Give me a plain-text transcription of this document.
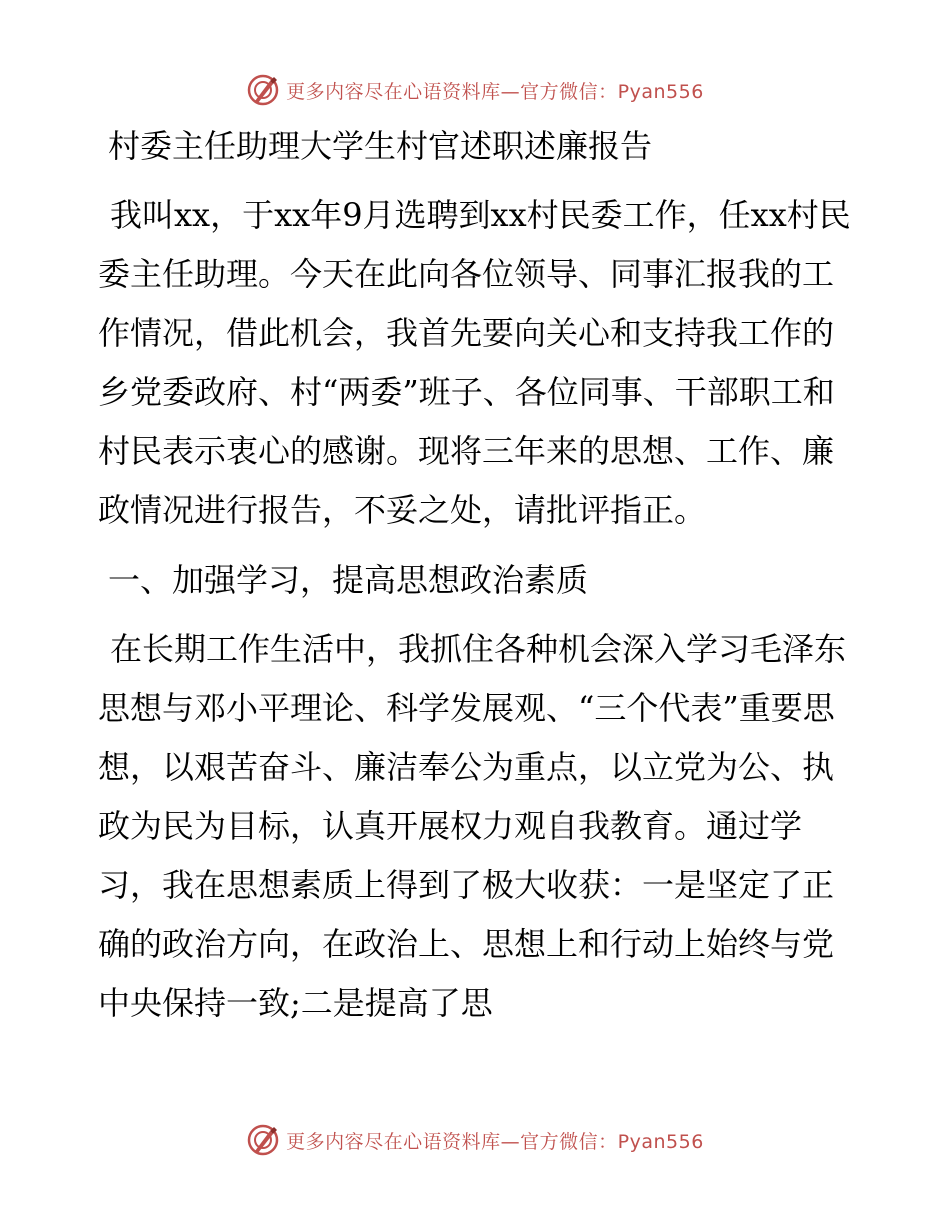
更多内容尽在心语资料库—官方微信：Pyan556
村委主任助理大学生村官述职述廉报告
我叫xx，于xx年9月选聘到xx村民委工作，任xx村民委主任助理。今天在此向各位领导、同事汇报我的工作情况，借此机会，我首先要向关心和支持我工作的乡党委政府、村“两委”班子、各位同事、干部职工和村民表示衷心的感谢。现将三年来的思想、工作、廉政情况进行报告，不妥之处，请批评指正。
一、加强学习，提高思想政治素质
在长期工作生活中，我抓住各种机会深入学习毛泽东思想与邓小平理论、科学发展观、“三个代表”重要思想，以艰苦奋斗、廉洁奉公为重点，以立党为公、执政为民为目标，认真开展权力观自我教育。通过学习，我在思想素质上得到了极大收获：一是坚定了正确的政治方向，在政治上、思想上和行动上始终与党中央保持一致;二是提高了思
更多内容尽在心语资料库—官方微信：Pyan556
